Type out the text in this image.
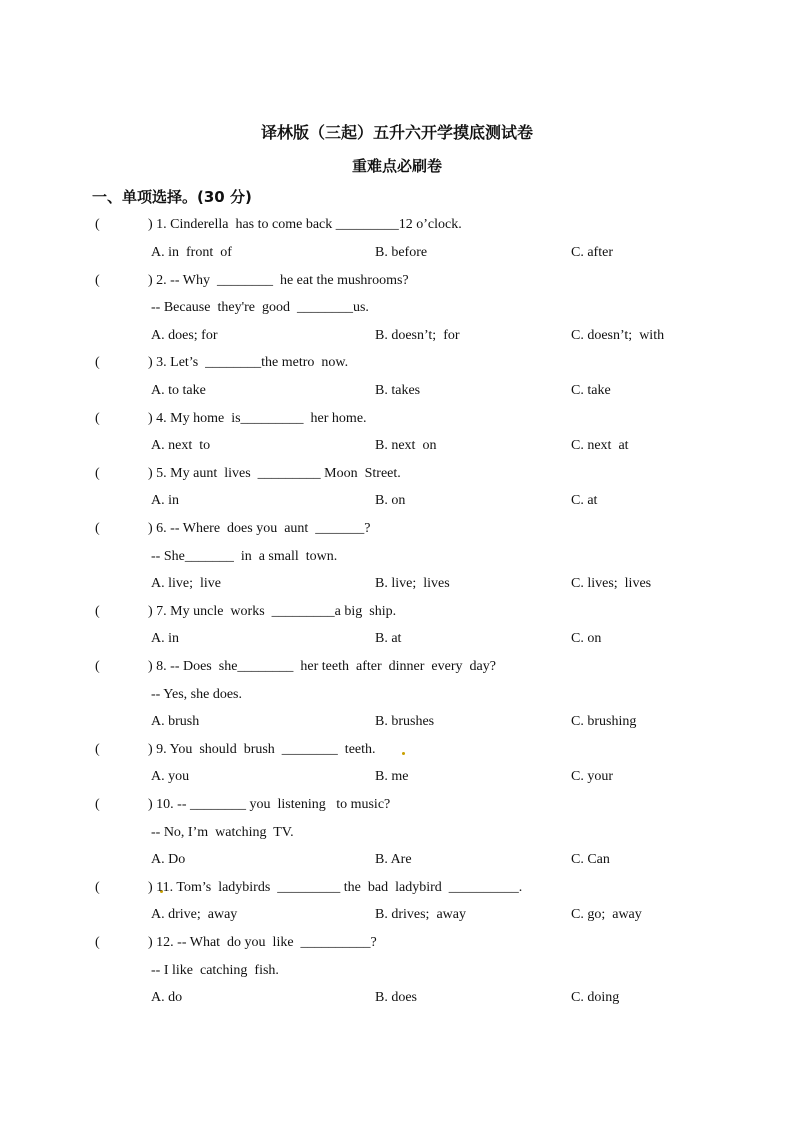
译林版（三起）五升六开学摸底测试卷
重难点必刷卷
一、单项选择。(30 分)
(	) 1. Cinderella  has to come back _________12 o’clock.
A. in  front  of	B. before	C. after
(	) 2. -- Why  ________  he eat the mushrooms?
-- Because  they're  good  ________us.
A. does; for	B. doesn’t;  for	C. doesn’t;  with
(	) 3. Let’s  ________the metro  now.
A. to take	B. takes	C. take
(	) 4. My home  is_________  her home.
A. next  to	B. next  on	C. next  at
(	) 5. My aunt  lives  _________ Moon  Street.
A. in	B. on	C. at
(	) 6. -- Where  does you  aunt  _______?
-- She_______  in  a small  town.
A. live;  live	B. live;  lives	C. lives;  lives
(	) 7. My uncle  works  _________a big  ship.
A. in	B. at	C. on
(	) 8. -- Does  she________  her teeth  after  dinner  every  day?
-- Yes, she does.
A. brush	B. brushes	C. brushing
(	) 9. You  should  brush  ________  teeth.
A. you	B. me	C. your
(	) 10. -- ________ you  listening   to music?
-- No, I’m  watching  TV.
A. Do	B. Are	C. Can
(	) 11. Tom’s  ladybirds  _________ the  bad  ladybird  __________.
A. drive;  away	B. drives;  away	C. go;  away
(	) 12. -- What  do you  like  __________?
-- I like  catching  fish.
A. do	B. does	C. doing
